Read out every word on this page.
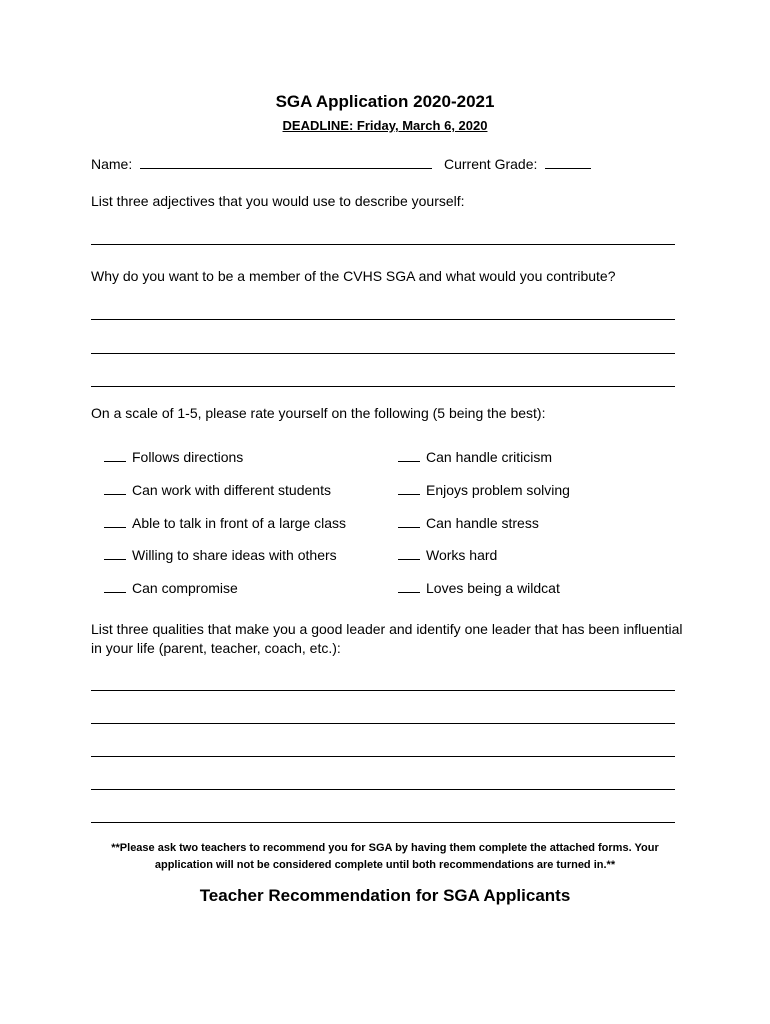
SGA Application 2020-2021
DEADLINE: Friday, March 6, 2020
Name:	Current Grade:
List three adjectives that you would use to describe yourself:
Why do you want to be a member of the CVHS SGA and what would you contribute?
On a scale of 1-5, please rate yourself on the following (5 being the best):
Follows directions
Can work with different students
Able to talk in front of a large class
Willing to share ideas with others
Can compromise
Can handle criticism
Enjoys problem solving
Can handle stress
Works hard
Loves being a wildcat
List three qualities that make you a good leader and identify one leader that has been influential
in your life (parent, teacher, coach, etc.):
**Please ask two teachers to recommend you for SGA by having them complete the attached forms. Your
application will not be considered complete until both recommendations are turned in.**
Teacher Recommendation for SGA Applicants
